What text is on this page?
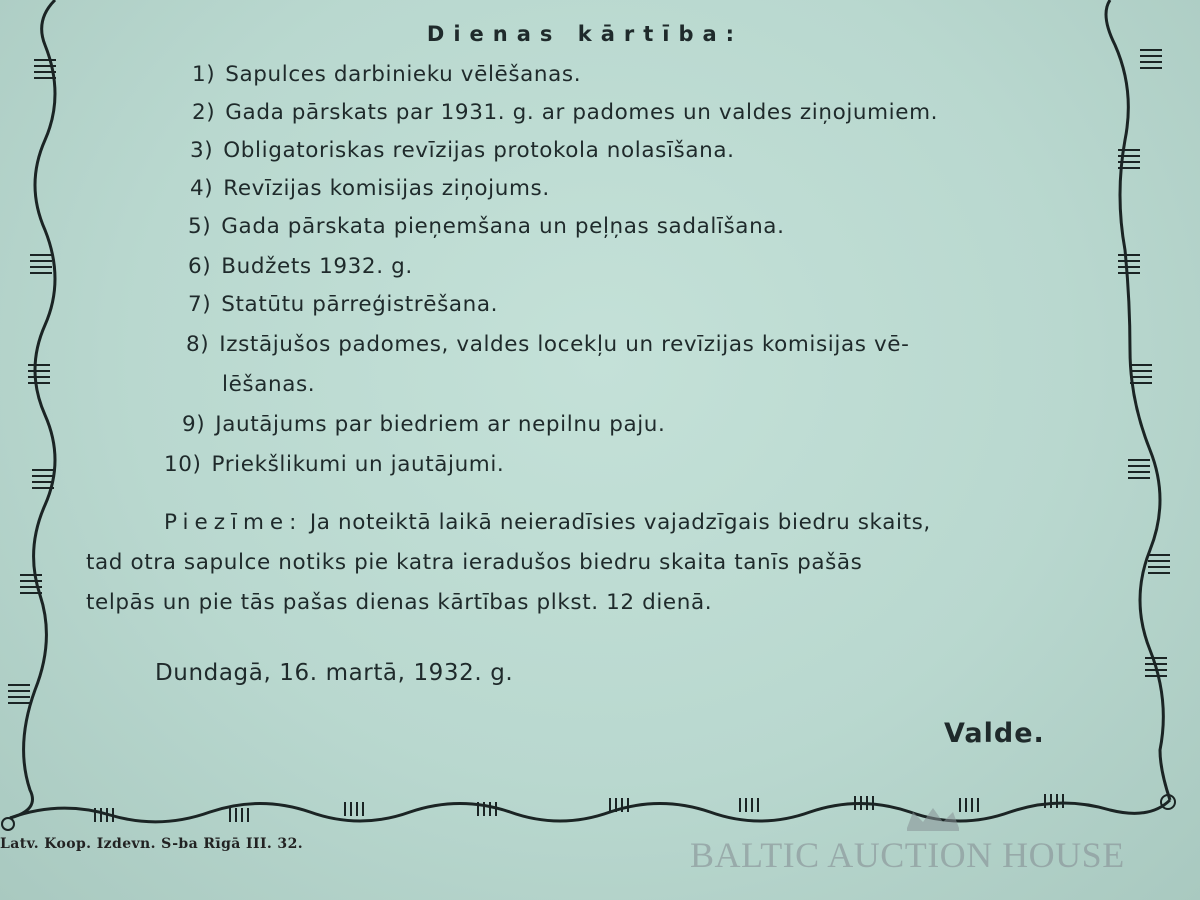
Dienas kārtība:
1) Sapulces darbinieku vēlēšanas.
2) Gada pārskats par 1931. g. ar padomes un valdes ziņojumiem.
3) Obligatoriskas revīzijas protokola nolasīšana.
4) Revīzijas komisijas ziņojums.
5) Gada pārskata pieņemšana un peļņas sadalīšana.
6) Budžets 1932. g.
7) Statūtu pārreģistrēšana.
8) Izstājušos padomes, valdes locekļu un revīzijas komisijas vē-
lēšanas.
9) Jautājums par biedriem ar nepilnu paju.
10) Priekšlikumi un jautājumi.
Piezīme: Ja noteiktā laikā neieradīsies vajadzīgais biedru skaits,
tad otra sapulce notiks pie katra ieradušos biedru skaita tanīs pašās
telpās un pie tās pašas dienas kārtības plkst. 12 dienā.
Dundagā, 16. martā, 1932. g.
Valde.
Latv. Koop. Izdevn. S-ba Rīgā III. 32.	BALTIC AUCTION HOUSE
